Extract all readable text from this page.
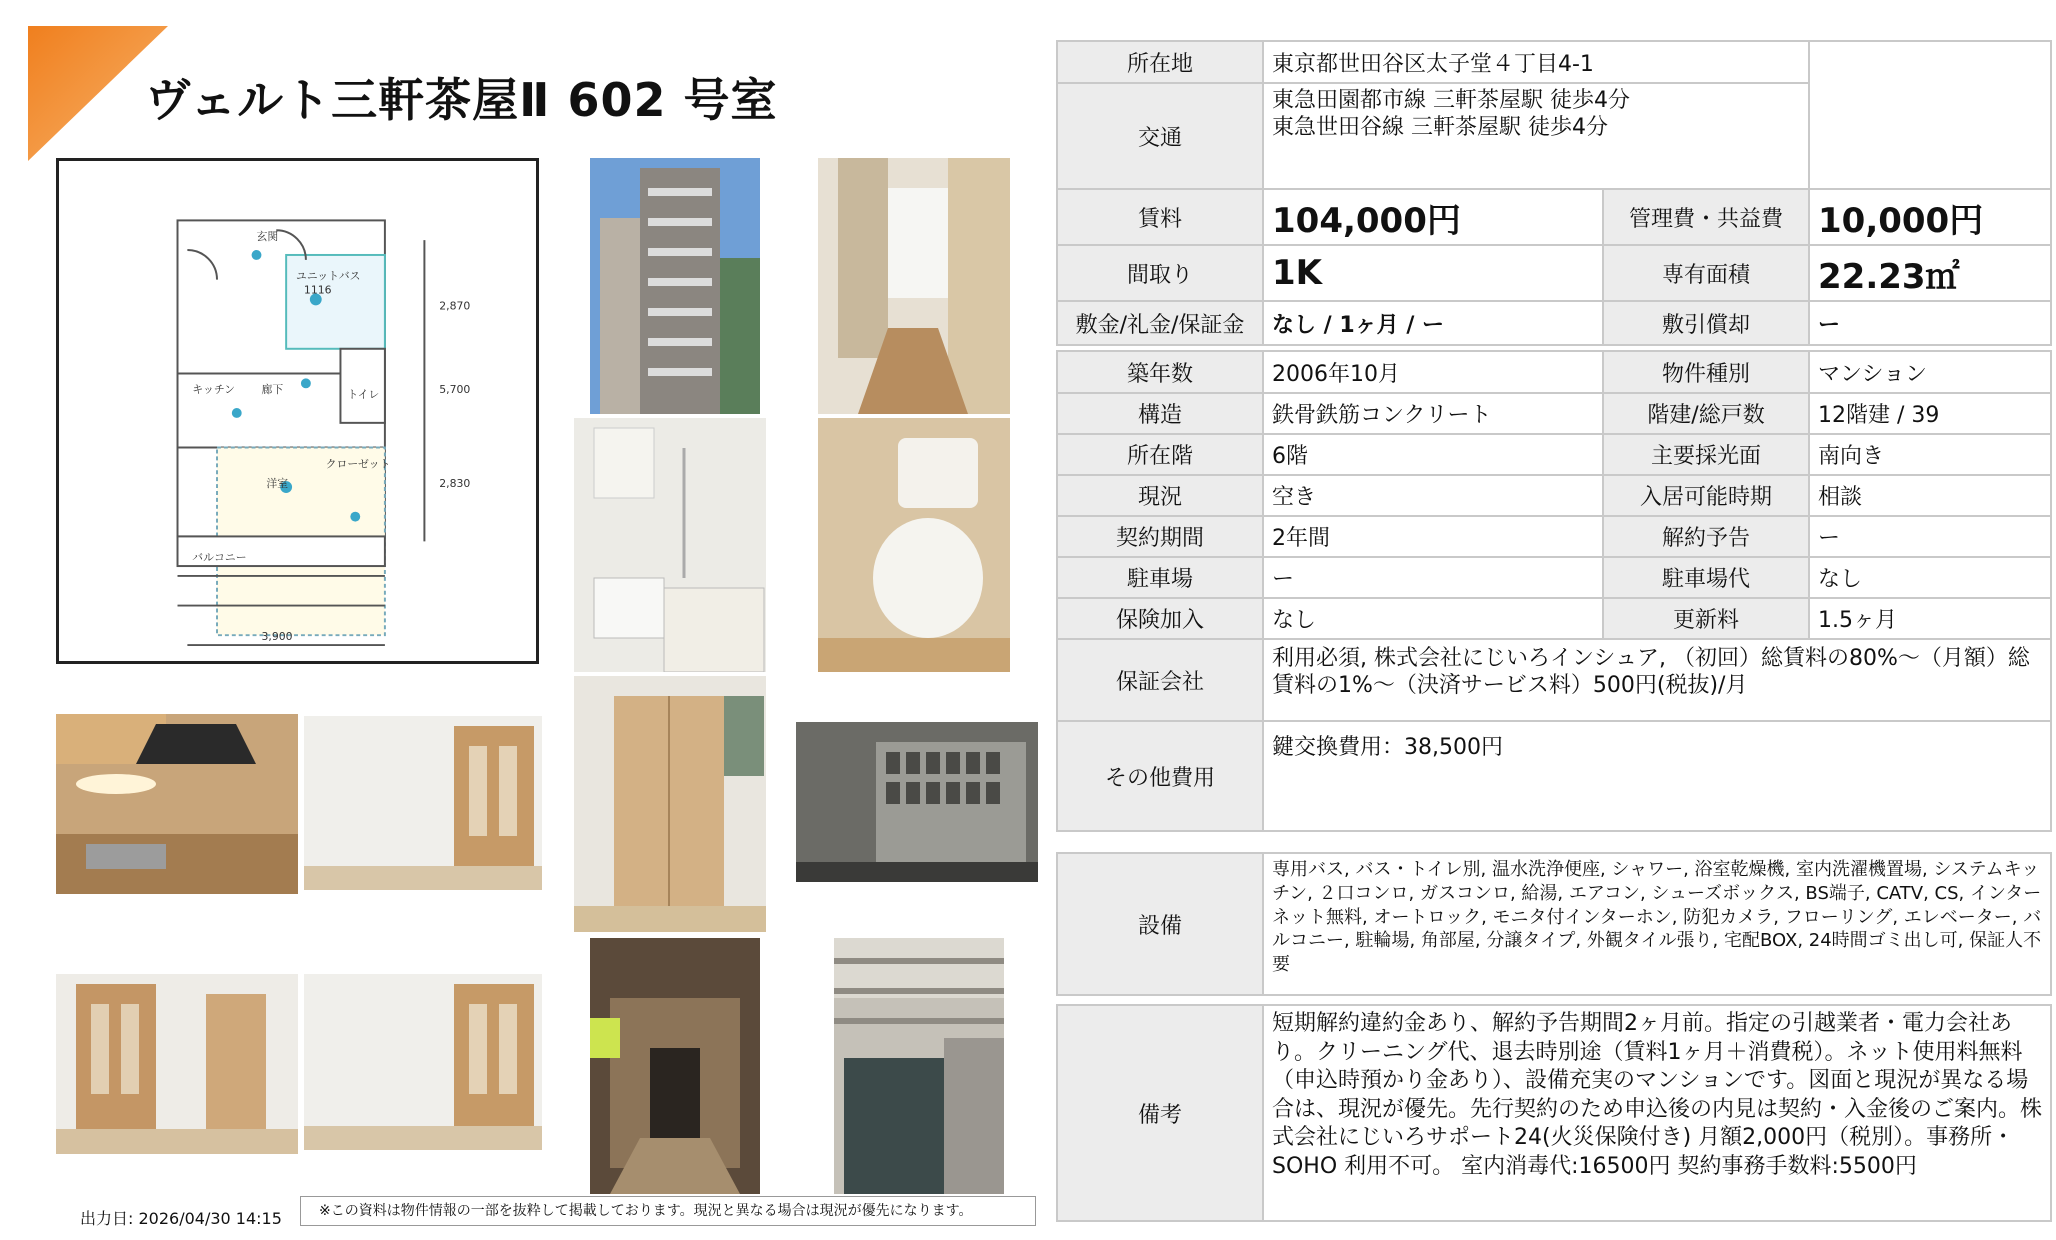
ヴェルト三軒茶屋Ⅱ 602 号室
玄関
ユニットバス
1116
キッチン 廊下	トイレ
洋室
クローゼット
バルコニー
3,900
2,870
5,700
2,830
所在地	東京都世田谷区太子堂４丁目4-1		
交通	東急田園都市線 三軒茶屋駅 徒歩4分
東急世田谷線 三軒茶屋駅 徒歩4分		

賃料	104,000円	管理費・共益費	10,000円
間取り	1K	専有面積	22.23㎡
敷金/礼金/保証金	なし / 1ヶ月 / ー	敷引償却	ー
築年数	2006年10月	物件種別	マンション
構造	鉄骨鉄筋コンクリート	階建/総戸数	12階建 / 39
所在階	6階	主要採光面	南向き
現況	空き	入居可能時期	相談
契約期間	2年間	解約予告	ー
駐車場	ー	駐車場代	なし
保険加入	なし	更新料	1.5ヶ月
保証会社	利用必須, 株式会社にじいろインシュア, （初回）総賃料の80%〜（月額）総賃料の1%〜（決済サービス料）500円(税抜)/月		
その他費用	鍵交換費用：38,500円		
設備	専用バス, バス・トイレ別, 温水洗浄便座, シャワー, 浴室乾燥機, 室内洗濯機置場, システムキッチン, ２口コンロ, ガスコンロ, 給湯, エアコン, シューズボックス, BS端子, CATV, CS, インターネット無料, オートロック, モニタ付インターホン, 防犯カメラ, フローリング, エレベーター, バルコニー, 駐輪場, 角部屋, 分譲タイプ, 外観タイル張り, 宅配BOX, 24時間ゴミ出し可, 保証人不要
備考	短期解約違約金あり、解約予告期間2ヶ月前。指定の引越業者・電力会社あり。クリーニング代、退去時別途（賃料1ヶ月＋消費税）。ネット使用料無料（申込時預かり金あり）、設備充実のマンションです。図面と現況が異なる場合は、現況が優先。先行契約のため申込後の内見は契約・入金後のご案内。株式会社にじいろサポート24(火災保険付き) 月額2,000円（税別）。事務所・SOHO 利用不可。 室内消毒代:16500円 契約事務手数料:5500円
出力日: 2026/04/30 14:15	※この資料は物件情報の一部を抜粋して掲載しております。現況と異なる場合は現況が優先になります。
